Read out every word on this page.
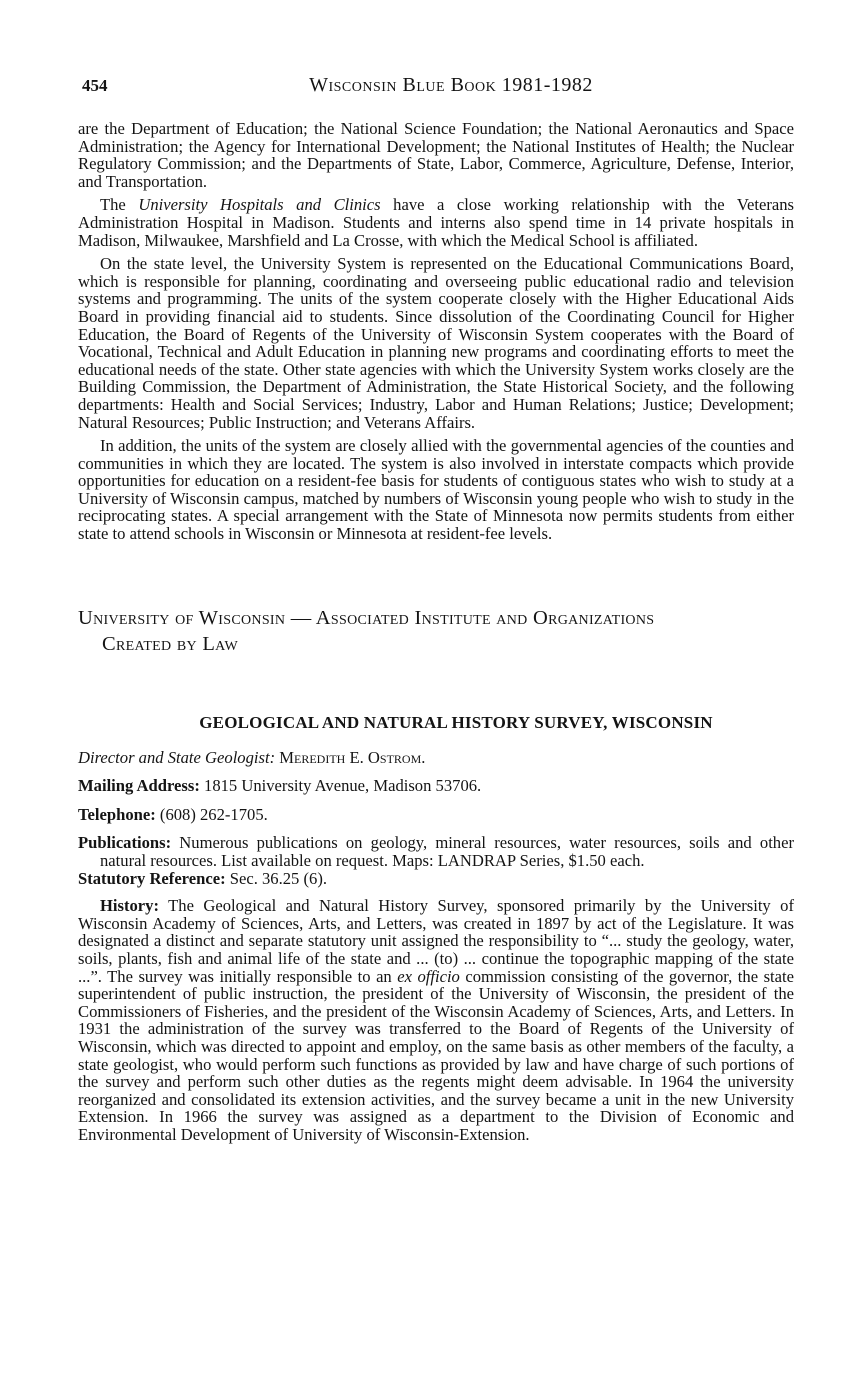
454	Wisconsin Blue Book 1981-1982

are the Department of Education; the National Science Foundation; the National Aeronautics and Space Administration; the Agency for International Development; the National Institutes of Health; the Nuclear Regulatory Commission; and the Departments of State, Labor, Commerce, Agriculture, Defense, Interior, and Transportation.

The University Hospitals and Clinics have a close working relationship with the Veterans Administration Hospital in Madison. Students and interns also spend time in 14 private hospitals in Madison, Milwaukee, Marshfield and La Crosse, with which the Medical School is affiliated.

On the state level, the University System is represented on the Educational Communications Board, which is responsible for planning, coordinating and overseeing public educational radio and television systems and programming. The units of the system cooperate closely with the Higher Educational Aids Board in providing financial aid to students. Since dissolution of the Coordinating Council for Higher Education, the Board of Regents of the University of Wisconsin System cooperates with the Board of Vocational, Technical and Adult Education in planning new programs and coordinating efforts to meet the educational needs of the state. Other state agencies with which the University System works closely are the Building Commission, the Department of Administration, the State Historical Society, and the following departments: Health and Social Services; Industry, Labor and Human Relations; Justice; Development; Natural Resources; Public Instruction; and Veterans Affairs.

In addition, the units of the system are closely allied with the governmental agencies of the counties and communities in which they are located. The system is also involved in interstate compacts which provide opportunities for education on a resident-fee basis for students of contiguous states who wish to study at a University of Wisconsin campus, matched by numbers of Wisconsin young people who wish to study in the reciprocating states. A special arrangement with the State of Minnesota now permits students from either state to attend schools in Wisconsin or Minnesota at resident-fee levels.

University of Wisconsin — Associated Institute and Organizations
Created by Law
GEOLOGICAL AND NATURAL HISTORY SURVEY, WISCONSIN
Director and State Geologist: Meredith E. Ostrom.
Mailing Address: 1815 University Avenue, Madison 53706.
Telephone: (608) 262-1705.
Publications: Numerous publications on geology, mineral resources, water resources, soils and other natural resources. List available on request. Maps: LANDRAP Series, $1.50 each.
Statutory Reference: Sec. 36.25 (6).

History: The Geological and Natural History Survey, sponsored primarily by the University of Wisconsin Academy of Sciences, Arts, and Letters, was created in 1897 by act of the Legislature. It was designated a distinct and separate statutory unit assigned the responsibility to “... study the geology, water, soils, plants, fish and animal life of the state and ... (to) ... continue the topographic mapping of the state ...”. The survey was initially responsible to an ex officio commission consisting of the governor, the state superintendent of public instruction, the president of the University of Wisconsin, the president of the Commissioners of Fisheries, and the president of the Wisconsin Academy of Sciences, Arts, and Letters. In 1931 the administration of the survey was transferred to the Board of Regents of the University of Wisconsin, which was directed to appoint and employ, on the same basis as other members of the faculty, a state geologist, who would perform such functions as provided by law and have charge of such portions of the survey and perform such other duties as the regents might deem advisable. In 1964 the university reorganized and consolidated its extension activities, and the survey became a unit in the new University Extension. In 1966 the survey was assigned as a department to the Division of Economic and Environmental Development of University of Wisconsin-Extension.
